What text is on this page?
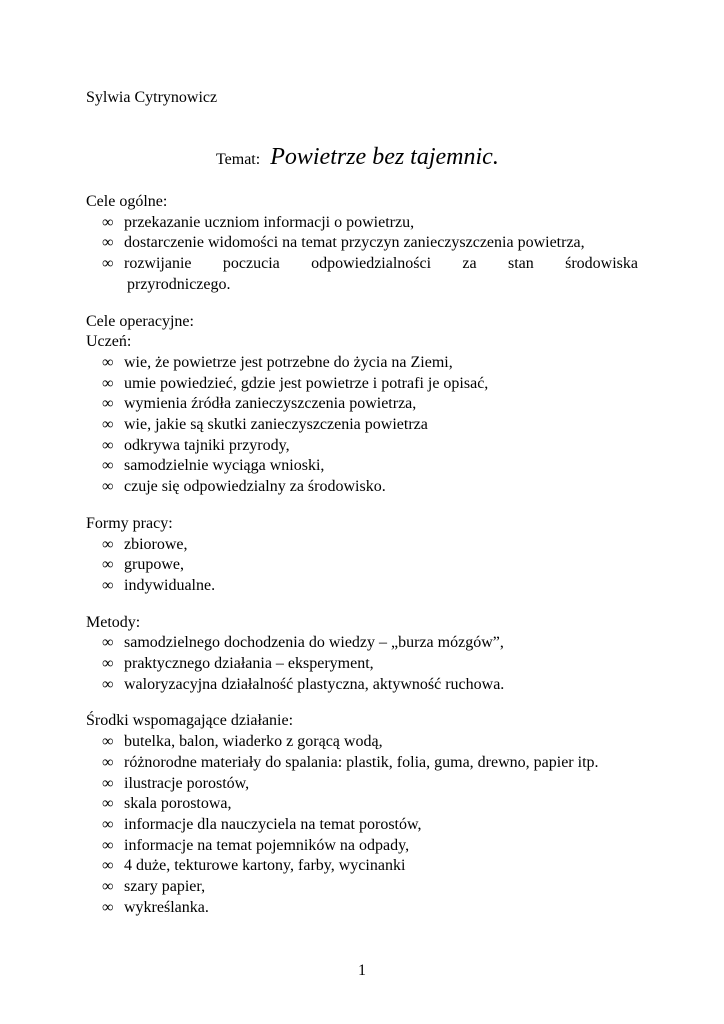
Sylwia Cytrynowicz
Temat: Powietrze bez tajemnic.

Cele ogólne:

∞ przekazanie uczniom informacji o powietrzu,
∞ dostarczenie widomości na temat przyczyn zanieczyszczenia powietrza,
∞ rozwijanie poczucia odpowiedzialności za stan środowiska
przyrodniczego.

Cele operacyjne:

Uczeń:

∞ wie, że powietrze jest potrzebne do życia na Ziemi,
∞ umie powiedzieć, gdzie jest powietrze i potrafi je opisać,
∞ wymienia źródła zanieczyszczenia powietrza,
∞ wie, jakie są skutki zanieczyszczenia powietrza
∞ odkrywa tajniki przyrody,
∞ samodzielnie wyciąga wnioski,
∞ czuje się odpowiedzialny za środowisko.

Formy pracy:

∞ zbiorowe,
∞ grupowe,
∞ indywidualne.

Metody:

∞ samodzielnego dochodzenia do wiedzy – „burza mózgów”,
∞ praktycznego działania – eksperyment,
∞ waloryzacyjna działalność plastyczna, aktywność ruchowa.

Środki wspomagające działanie:

∞ butelka, balon, wiaderko z gorącą wodą,
∞ różnorodne materiały do spalania: plastik, folia, guma, drewno, papier itp.
∞ ilustracje porostów,
∞ skala porostowa,
∞ informacje dla nauczyciela na temat porostów,
∞ informacje na temat pojemników na odpady,
∞ 4 duże, tekturowe kartony, farby, wycinanki
∞ szary papier,
∞ wykreślanka.
1
